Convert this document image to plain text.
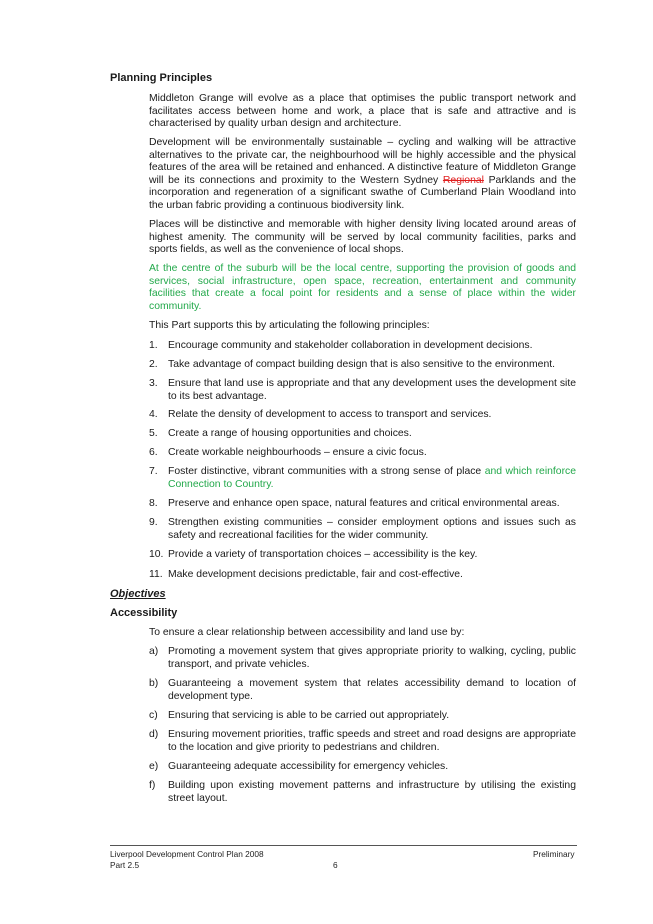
Planning Principles

Middleton Grange will evolve as a place that optimises the public transport network and facilitates access between home and work, a place that is safe and attractive and is characterised by quality urban design and architecture.

Development will be environmentally sustainable – cycling and walking will be attractive alternatives to the private car, the neighbourhood will be highly accessible and the physical features of the area will be retained and enhanced. A distinctive feature of Middleton Grange will be its connections and proximity to the Western Sydney Regional Parklands and the incorporation and regeneration of a significant swathe of Cumberland Plain Woodland into the urban fabric providing a continuous biodiversity link.

Places will be distinctive and memorable with higher density living located around areas of highest amenity. The community will be served by local community facilities, parks and sports fields, as well as the convenience of local shops.

At the centre of the suburb will be the local centre, supporting the provision of goods and services, social infrastructure, open space, recreation, entertainment and community facilities that create a focal point for residents and a sense of place within the wider community.

This Part supports this by articulating the following principles:

1. Encourage community and stakeholder collaboration in development decisions.
2. Take advantage of compact building design that is also sensitive to the environment.
3. Ensure that land use is appropriate and that any development uses the development site to its best advantage.
4. Relate the density of development to access to transport and services.
5. Create a range of housing opportunities and choices.
6. Create workable neighbourhoods – ensure a civic focus.
7. Foster distinctive, vibrant communities with a strong sense of place and which reinforce Connection to Country.
8. Preserve and enhance open space, natural features and critical environmental areas.
9. Strengthen existing communities – consider employment options and issues such as safety and recreational facilities for the wider community.
10. Provide a variety of transportation choices – accessibility is the key.
11. Make development decisions predictable, fair and cost-effective.
Objectives
Accessibility

To ensure a clear relationship between accessibility and land use by:

a) Promoting a movement system that gives appropriate priority to walking, cycling, public transport, and private vehicles.
b) Guaranteeing a movement system that relates accessibility demand to location of development type.
c) Ensuring that servicing is able to be carried out appropriately.
d) Ensuring movement priorities, traffic speeds and street and road designs are appropriate to the location and give priority to pedestrians and children.
e) Guaranteeing adequate accessibility for emergency vehicles.
f) Building upon existing movement patterns and infrastructure by utilising the existing street layout.
Liverpool Development Control Plan 2008
Part 2.5	6
Preliminary
